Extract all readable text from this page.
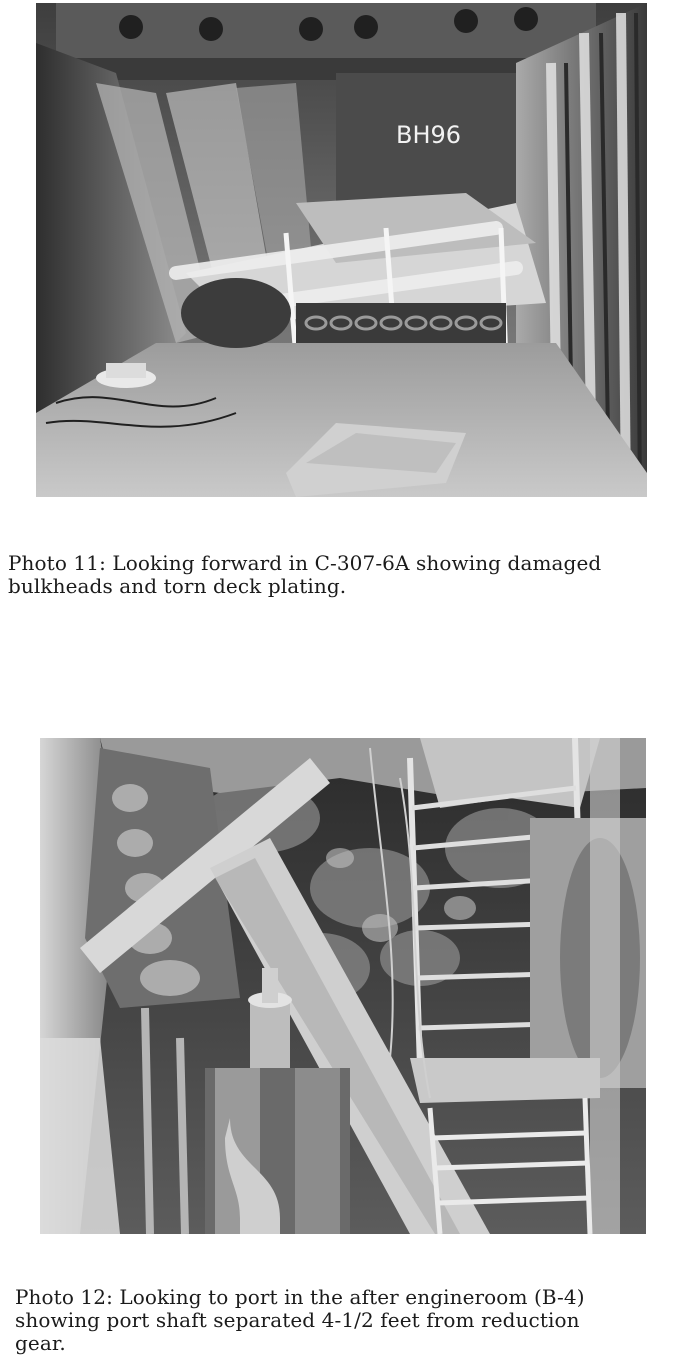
BH96
Photo 11: Looking forward in C-307-6A showing damaged
bulkheads and torn deck plating.
Photo 12: Looking to port in the after engineroom (B-4)
showing port shaft separated 4-1/2 feet from reduction
gear.
